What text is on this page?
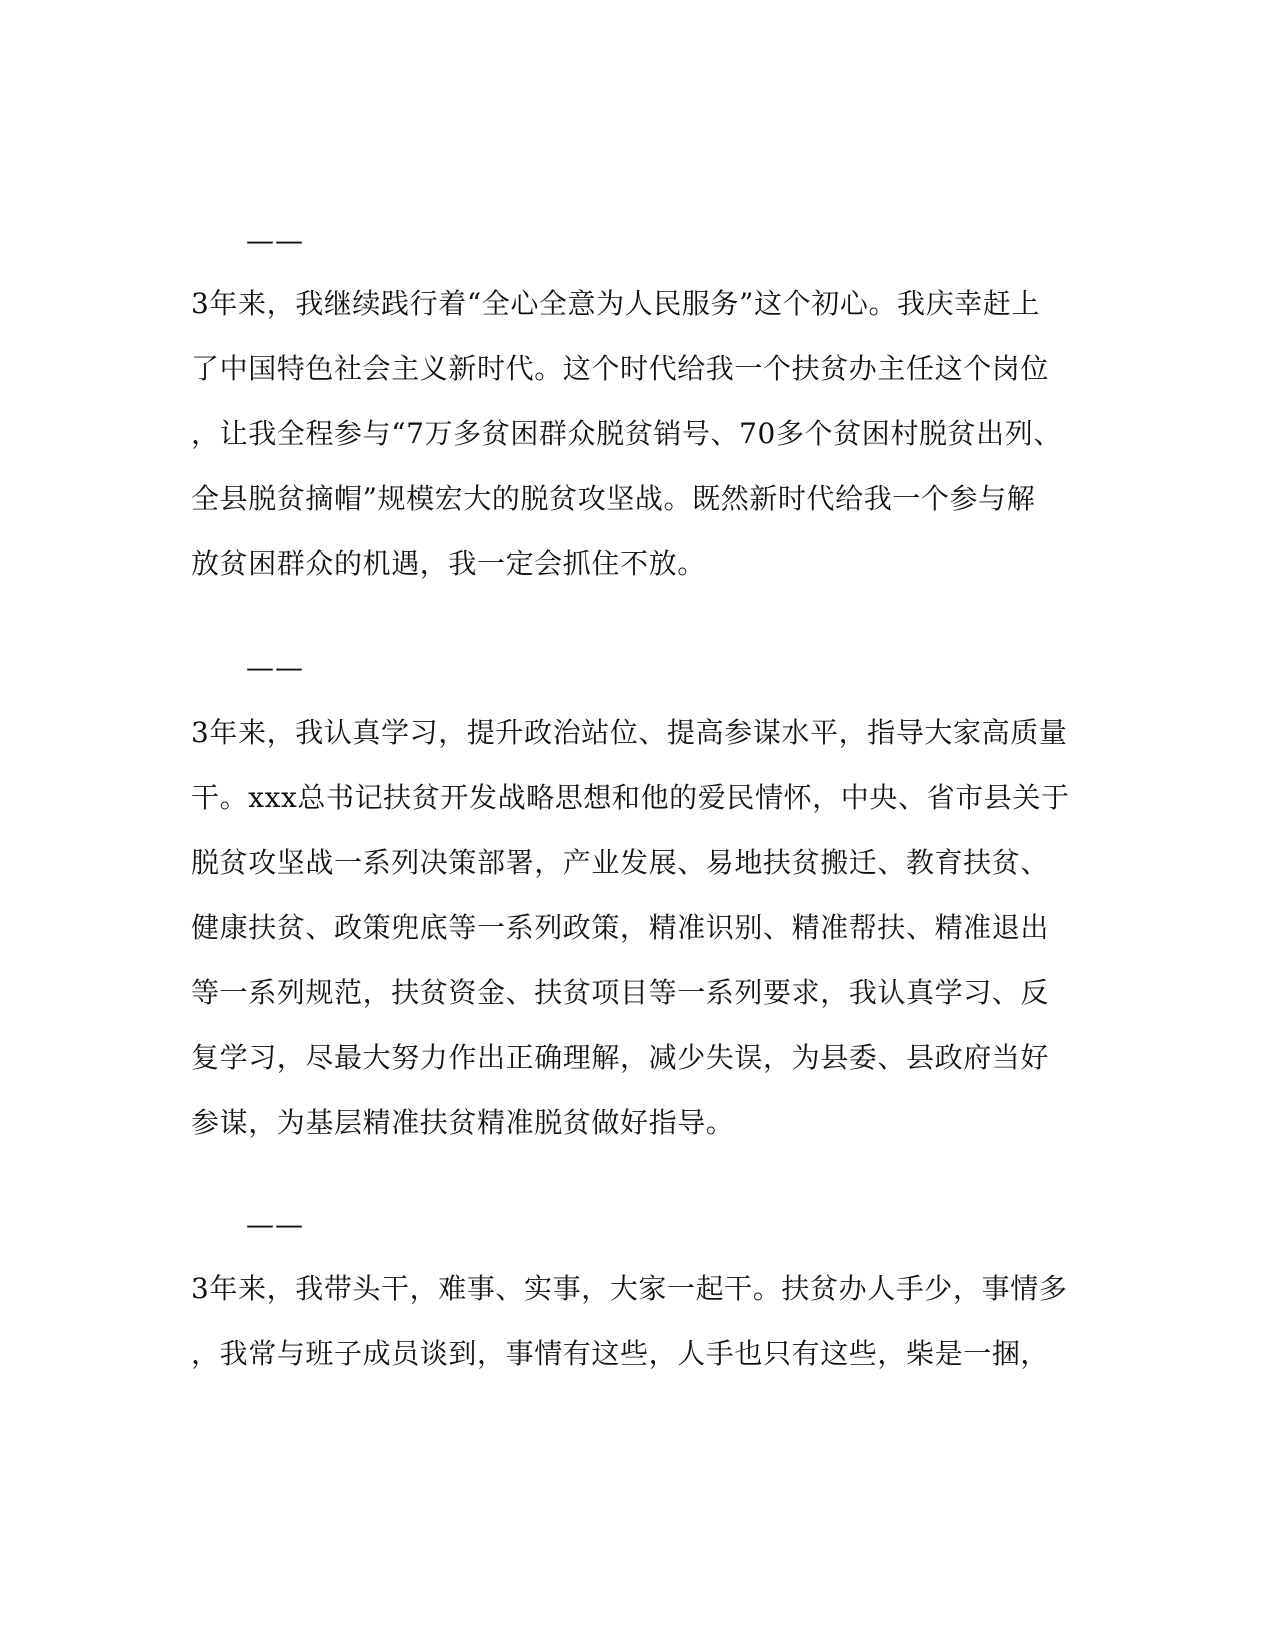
——
3年来，我继续践行着“全心全意为人民服务”这个初心。我庆幸赶上
了中国特色社会主义新时代。这个时代给我一个扶贫办主任这个岗位
，让我全程参与“7万多贫困群众脱贫销号、70多个贫困村脱贫出列、
全县脱贫摘帽”规模宏大的脱贫攻坚战。既然新时代给我一个参与解
放贫困群众的机遇，我一定会抓住不放。
——
3年来，我认真学习，提升政治站位、提高参谋水平，指导大家高质量
干。xxx总书记扶贫开发战略思想和他的爱民情怀，中央、省市县关于
脱贫攻坚战一系列决策部署，产业发展、易地扶贫搬迁、教育扶贫、
健康扶贫、政策兜底等一系列政策，精准识别、精准帮扶、精准退出
等一系列规范，扶贫资金、扶贫项目等一系列要求，我认真学习、反
复学习，尽最大努力作出正确理解，减少失误，为县委、县政府当好
参谋，为基层精准扶贫精准脱贫做好指导。
——
3年来，我带头干，难事、实事，大家一起干。扶贫办人手少，事情多
，我常与班子成员谈到，事情有这些，人手也只有这些，柴是一捆，
